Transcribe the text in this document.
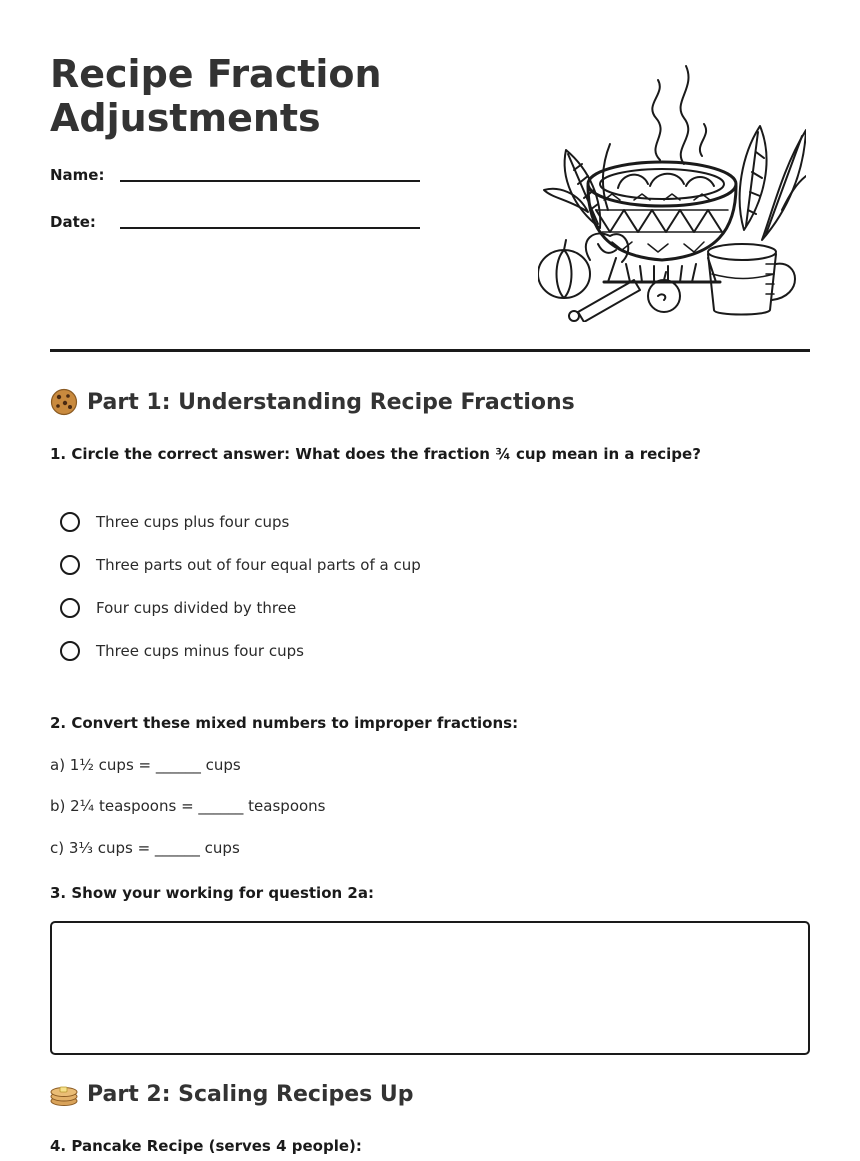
Recipe Fraction Adjustments
Name:
Date:
Part 1: Understanding Recipe Fractions

1. Circle the correct answer: What does the fraction ¾ cup mean in a recipe?

Three cups plus four cups
Three parts out of four equal parts of a cup
Four cups divided by three
Three cups minus four cups

2. Convert these mixed numbers to improper fractions:

a) 1½ cups = ______ cups
b) 2¼ teaspoons = ______ teaspoons
c) 3⅓ cups = ______ cups

3. Show your working for question 2a:

Part 2: Scaling Recipes Up

4. Pancake Recipe (serves 4 people):
